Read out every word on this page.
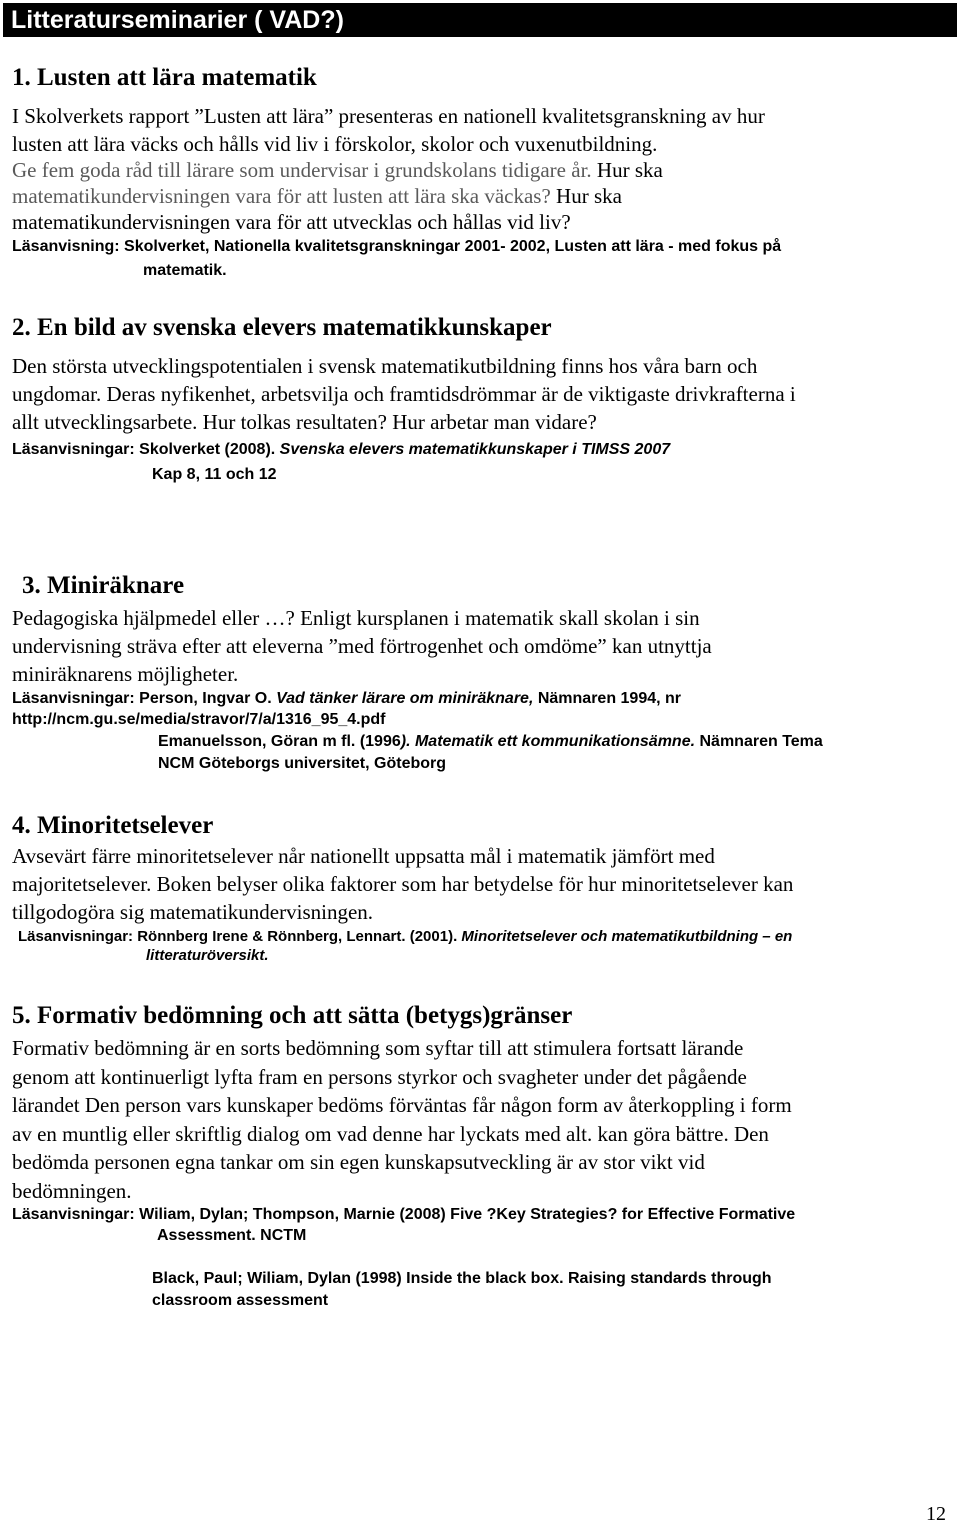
Litteraturseminarier ( VAD?)
1. Lusten att lära matematik
I Skolverkets rapport ”Lusten att lära” presenteras en nationell kvalitetsgranskning av hur
lusten att lära väcks och hålls vid liv i förskolor, skolor och vuxenutbildning.
Ge fem goda råd till lärare som undervisar i grundskolans tidigare år. Hur ska
matematikundervisningen vara för att lusten att lära ska väckas? Hur ska
matematikundervisningen vara för att utvecklas och hållas vid liv?
Läsanvisning: Skolverket, Nationella kvalitetsgranskningar 2001- 2002, Lusten att lära - med fokus på
matematik.
2. En bild av svenska elevers matematikkunskaper
Den största utvecklingspotentialen i svensk matematikutbildning finns hos våra barn och
ungdomar. Deras nyfikenhet, arbetsvilja och framtidsdrömmar är de viktigaste drivkrafterna i
allt utvecklingsarbete. Hur tolkas resultaten? Hur arbetar man vidare?
Läsanvisningar: Skolverket (2008). Svenska elevers matematikkunskaper i TIMSS 2007
Kap 8, 11 och 12
3. Miniräknare
Pedagogiska hjälpmedel eller …? Enligt kursplanen i matematik skall skolan i sin
undervisning sträva efter att eleverna ”med förtrogenhet och omdöme” kan utnyttja
miniräknarens möjligheter.
Läsanvisningar: Person, Ingvar O. Vad tänker lärare om miniräknare, Nämnaren 1994, nr
http://ncm.gu.se/media/stravor/7/a/1316_95_4.pdf
Emanuelsson, Göran m fl. (1996). Matematik ett kommunikationsämne. Nämnaren Tema
NCM Göteborgs universitet, Göteborg
4. Minoritetselever
Avsevärt färre minoritetselever når nationellt uppsatta mål i matematik jämfört med
majoritetselever. Boken belyser olika faktorer som har betydelse för hur minoritetselever kan
tillgodogöra sig matematikundervisningen.
Läsanvisningar: Rönnberg Irene & Rönnberg, Lennart. (2001). Minoritetselever och matematikutbildning – en
litteraturöversikt.
5. Formativ bedömning och att sätta (betygs)gränser
Formativ bedömning är en sorts bedömning som syftar till att stimulera fortsatt lärande
genom att kontinuerligt lyfta fram en persons styrkor och svagheter under det pågående
lärandet Den person vars kunskaper bedöms förväntas får någon form av återkoppling i form
av en muntlig eller skriftlig dialog om vad denne har lyckats med alt. kan göra bättre. Den
bedömda personen egna tankar om sin egen kunskapsutveckling är av stor vikt vid
bedömningen.
Läsanvisningar: Wiliam, Dylan; Thompson, Marnie (2008) Five ?Key Strategies? for Effective Formative
Assessment. NCTM
Black, Paul; Wiliam, Dylan (1998) Inside the black box. Raising standards through
classroom assessment
12
